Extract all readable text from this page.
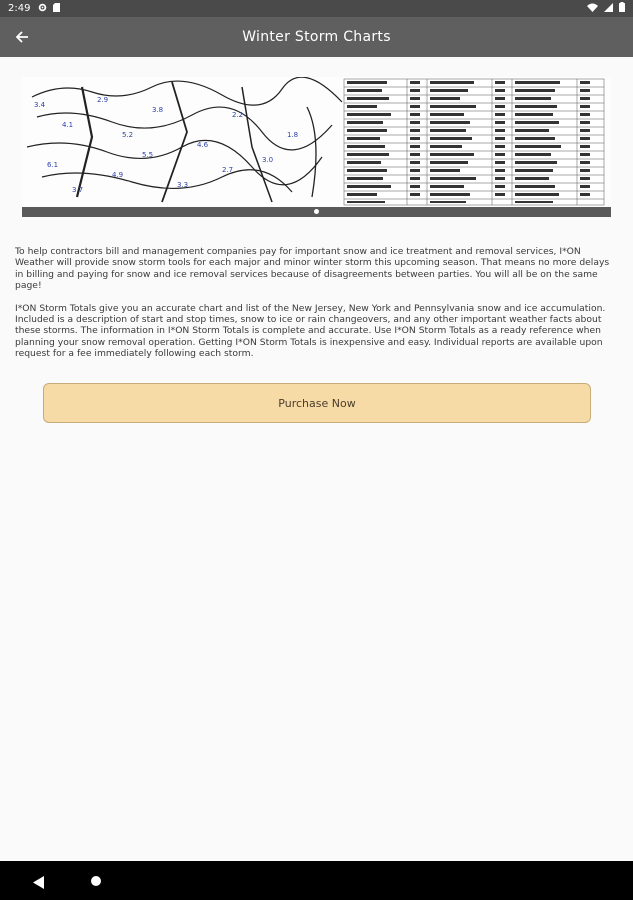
2:49
Winter Storm Charts
3.4
4.1
2.9
5.2
3.8
4.6
2.2
3.0
6.1
4.9
3.3
2.7
1.8
5.5
3.7

To help contractors bill and management companies pay for important snow and ice treatment and removal services, I*ON Weather will provide snow storm tools for each major and minor winter storm this upcoming season. That means no more delays in billing and paying for snow and ice removal services because of disagreements between parties. You will all be on the same page!

I*ON Storm Totals give you an accurate chart and list of the New Jersey, New York and Pennsylvania snow and ice accumulation. Included is a description of start and stop times, snow to ice or rain changeovers, and any other important weather facts about these storms. The information in I*ON Storm Totals is complete and accurate. Use I*ON Storm Totals as a ready reference when planning your snow removal operation. Getting I*ON Storm Totals is inexpensive and easy. Individual reports are available upon request for a fee immediately following each storm.

Purchase Now
